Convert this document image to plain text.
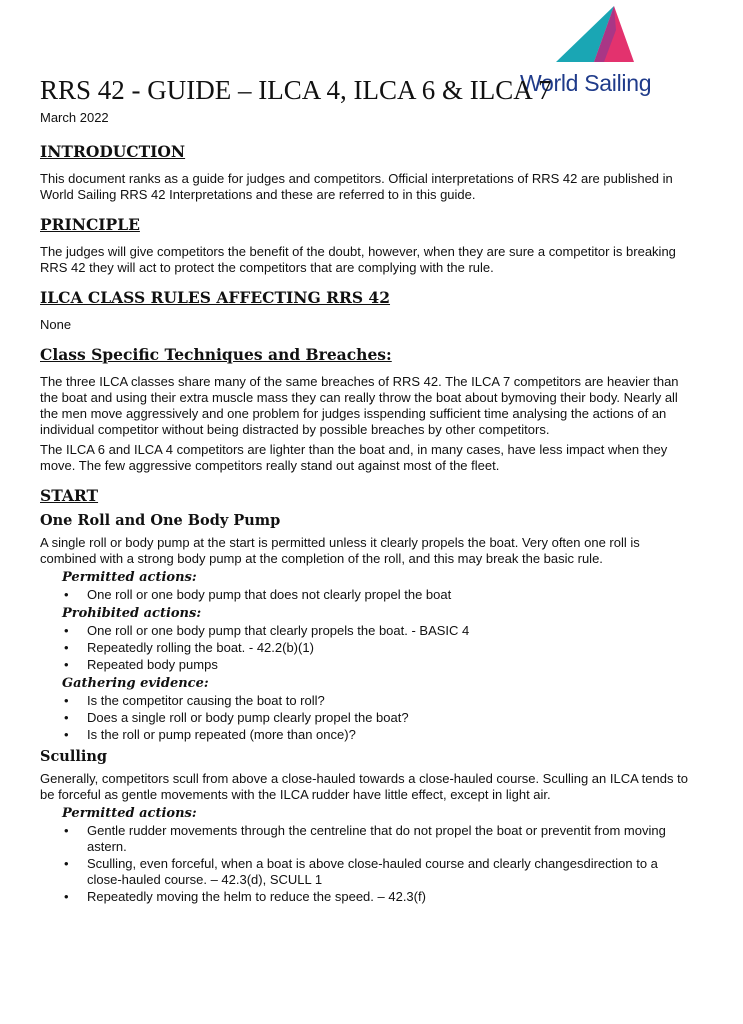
World Sailing
RRS 42 - GUIDE – ILCA 4, ILCA 6 & ILCA 7
March 2022
INTRODUCTION

This document ranks as a guide for judges and competitors. Official interpretations of RRS 42 are published in World Sailing RRS 42 Interpretations and these are referred to in this guide.

PRINCIPLE

The judges will give competitors the benefit of the doubt, however, when they are sure a competitor is breaking RRS 42 they will act to protect the competitors that are complying with the rule.

ILCA CLASS RULES AFFECTING RRS 42

None

Class Specific Techniques and Breaches:

The three ILCA classes share many of the same breaches of RRS 42. The ILCA 7 competitors are heavier than the boat and using their extra muscle mass they can really throw the boat about bymoving their body. Nearly all the men move aggressively and one problem for judges isspending sufficient time analysing the actions of an individual competitor without being distracted by possible breaches by other competitors.

The ILCA 6 and ILCA 4 competitors are lighter than the boat and, in many cases, have less impact when they move. The few aggressive competitors really stand out against most of the fleet.

START
One Roll and One Body Pump

A single roll or body pump at the start is permitted unless it clearly propels the boat. Very often one roll is combined with a strong body pump at the completion of the roll, and this may break the basic rule.

Permitted actions:
• One roll or one body pump that does not clearly propel the boat
Prohibited actions:
• One roll or one body pump that clearly propels the boat. - BASIC 4
• Repeatedly rolling the boat. - 42.2(b)(1)
• Repeated body pumps
Gathering evidence:
• Is the competitor causing the boat to roll?
• Does a single roll or body pump clearly propel the boat?
• Is the roll or pump repeated (more than once)?
Sculling

Generally, competitors scull from above a close-hauled towards a close-hauled course. Sculling an ILCA tends to be forceful as gentle movements with the ILCA rudder have little effect, except in light air.

Permitted actions:
• Gentle rudder movements through the centreline that do not propel the boat or preventit from moving astern.
• Sculling, even forceful, when a boat is above close-hauled course and clearly changesdirection to a close-hauled course. – 42.3(d), SCULL 1
• Repeatedly moving the helm to reduce the speed. – 42.3(f)
